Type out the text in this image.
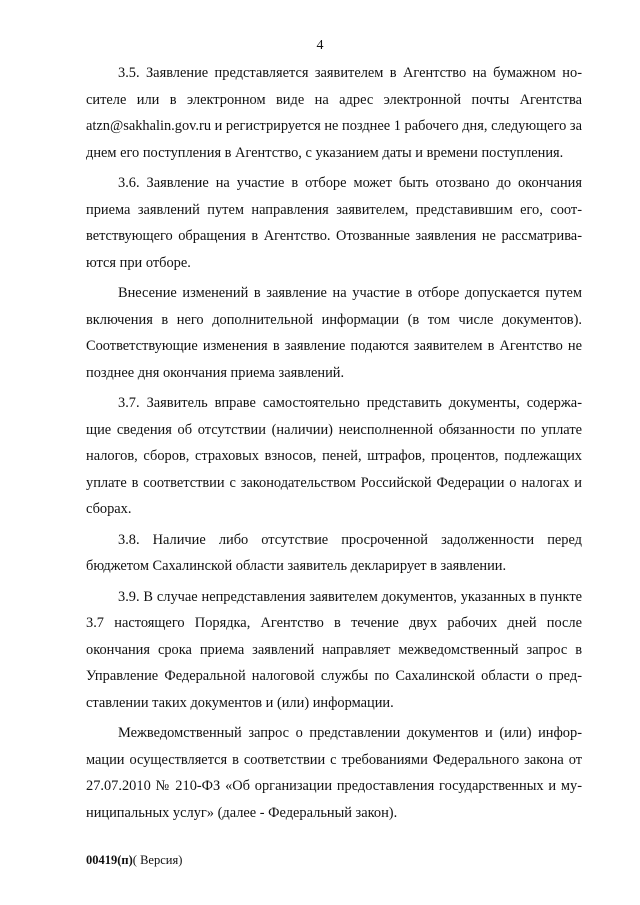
4

3.5. Заявление представляется заявителем в Агентство на бумажном носителе или в электронном виде на адрес электронной почты Агентства atzn@sakhalin.gov.ru и регистрируется не позднее 1 рабочего дня, следующего за днем его поступления в Агентство, с указанием даты и времени поступления.

3.6. Заявление на участие в отборе может быть отозвано до окончания приема заявлений путем направления заявителем, представившим его, соответствующего обращения в Агентство. Отозванные заявления не рассматриваются при отборе.

Внесение изменений в заявление на участие в отборе допускается путем включения в него дополнительной информации (в том числе документов). Соответствующие изменения в заявление подаются заявителем в Агентство не позднее дня окончания приема заявлений.

3.7. Заявитель вправе самостоятельно представить документы, содержащие сведения об отсутствии (наличии) неисполненной обязанности по уплате налогов, сборов, страховых взносов, пеней, штрафов, процентов, подлежащих уплате в соответствии с законодательством Российской Федерации о налогах и сборах.

3.8. Наличие либо отсутствие просроченной задолженности перед бюджетом Сахалинской области заявитель декларирует в заявлении.

3.9. В случае непредставления заявителем документов, указанных в пункте 3.7 настоящего Порядка, Агентство в течение двух рабочих дней после окончания срока приема заявлений направляет межведомственный запрос в Управление Федеральной налоговой службы по Сахалинской области о представлении таких документов и (или) информации.

Межведомственный запрос о представлении документов и (или) информации осуществляется в соответствии с требованиями Федерального закона от 27.07.2010 № 210-ФЗ «Об организации предоставления государственных и муниципальных услуг» (далее - Федеральный закон).

00419(п)( Версия)
